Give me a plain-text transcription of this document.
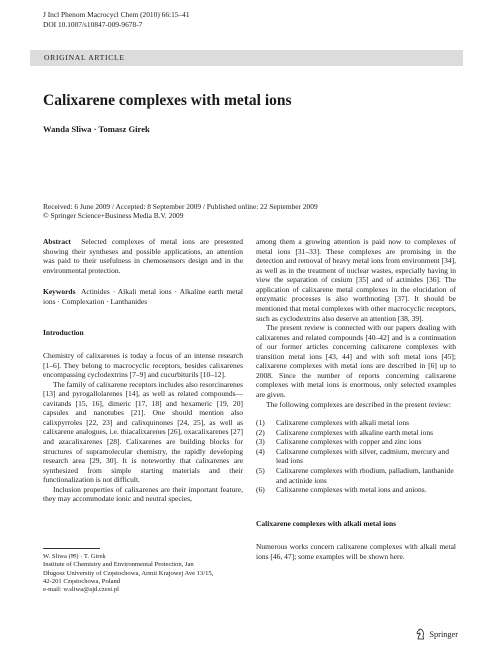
J Incl Phenom Macrocycl Chem (2010) 66:15–41
DOI 10.1007/s10847-009-9678-7
ORIGINAL ARTICLE
Calixarene complexes with metal ions
Wanda Sliwa · Tomasz Girek
Received: 6 June 2009 / Accepted: 8 September 2009 / Published online: 22 September 2009
© Springer Science+Business Media B.V. 2009

Abstract Selected complexes of metal ions are presented showing their syntheses and possible applications, an attention was paid to their usefulness in chemosensors design and in the environmental protection.

Keywords Actinides · Alkali metal ions · Alkaline earth metal ions · Complexation · Lanthanides

Introduction

Chemistry of calixarenes is today a focus of an intense research [1–6]. They belong to macrocyclic receptors, besides calixarenes encompassing cyclodextrins [7–9] and cucurbiturils [10–12].

The family of calixarene receptors includes also resorcinarenes [13] and pyrogallolarenes [14], as well as related compounds—cavitands [15, 16], dimeric [17, 18] and hexameric [19, 20] capsules and nanotubes [21]. One should mention also calixpyrroles [22, 23] and calixquinones [24, 25], as well as calixarene analogues, i.e. thiacalixarenes [26], oxacalixarenes [27] and azacalixarenes [28]. Calixarenes are building blocks for structures of supramolecular chemistry, the rapidly developing research area [29, 30]. It is noteworthy that calixarenes are synthesized from simple starting materials and their functionalization is not difficult.

Inclusion properties of calixarenes are their important feature, they may accommodate ionic and neutral species,

among them a growing attention is paid now to complexes of metal ions [31–33]. These complexes are promising in the detection and removal of heavy metal ions from environment [34], as well as in the treatment of nuclear wastes, especially having in view the separation of cesium [35] and of actinides [36]. The application of calixarene metal complexes in the elucidation of enzymatic processes is also worthnoting [37]. It should be mentioned that metal complexes with other macrocyclic receptors, such as cyclodextrins also deserve an attention [38, 39].

The present review is connected with our papers dealing with calixarenes and related compounds [40–42] and is a continuation of our former articles concerning calixarene complexes with transition metal ions [43, 44] and with soft metal ions [45]; calixarene complexes with metal ions are described in [6] up to 2008. Since the number of reports concerning calixarene complexes with metal ions is enormous, only selected examples are given.

The following complexes are described in the present review:

(1)	Calixarene complexes with alkali metal ions
(2)	Calixarene complexes with alkaline earth metal ions
(3)	Calixarene complexes with copper and zinc ions
(4)	Calixarene complexes with silver, cadmium, mercury and lead ions
(5)	Calixarene complexes with rhodium, palladium, lanthanide and actinide ions
(6)	Calixarene complexes with metal ions and anions.

Calixarene complexes with alkali metal ions

Numerous works concern calixarene complexes with alkali metal ions [46, 47]; some examples will be shown here.

W. Sliwa (✉) · T. Girek
Institute of Chemistry and Environmental Protection, Jan
Długosz University of Częstochowa, Armii Krajowej Ave 13/15,
42-201 Częstochowa, Poland
e-mail: w.sliwa@ajd.czest.pl
Springer
